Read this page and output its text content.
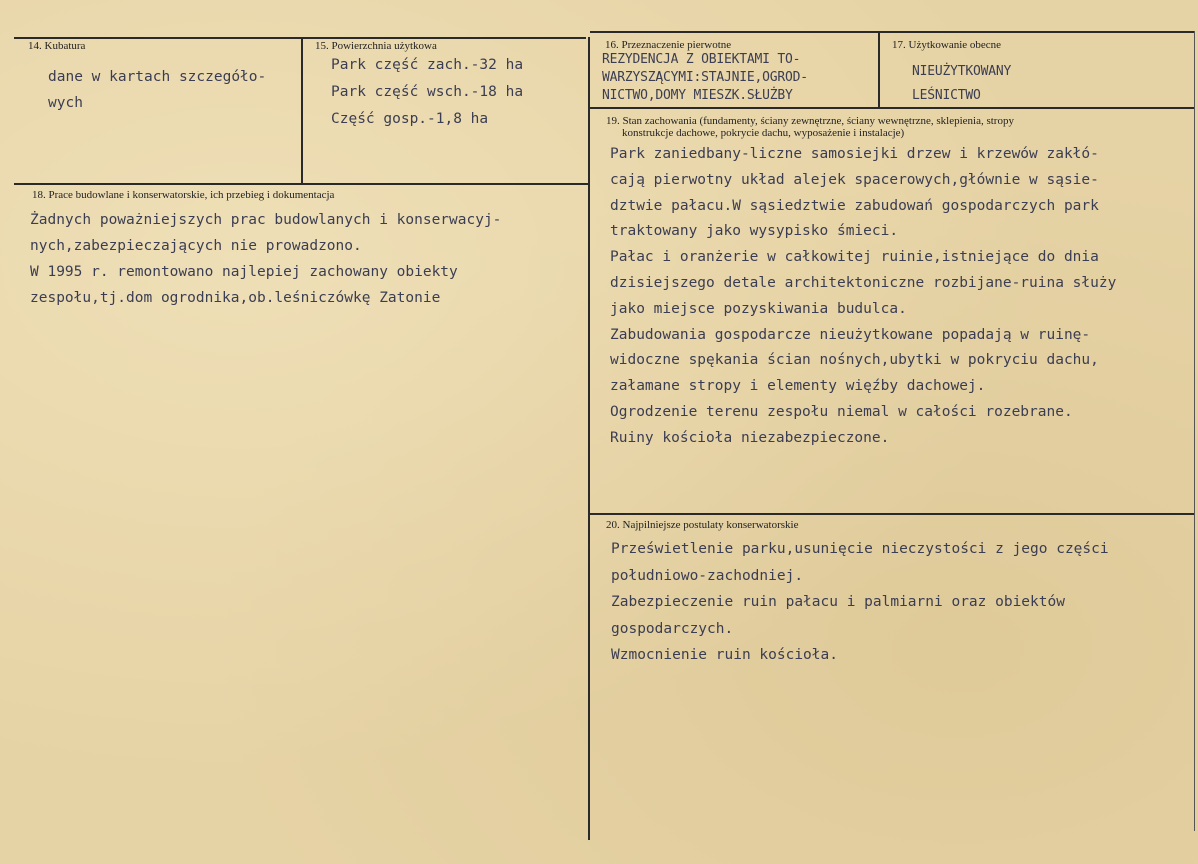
14. Kubatura
dane w kartach szczegóło-
wych
15. Powierzchnia użytkowa
Park część zach.-32 ha
Park część wsch.-18 ha
Część gosp.-1,8 ha
16. Przeznaczenie pierwotne
REZYDENCJA Z OBIEKTAMI TO-
WARZYSZĄCYMI:STAJNIE,OGROD-
NICTWO,DOMY MIESZK.SŁUŻBY
17. Użytkowanie obecne
NIEUŻYTKOWANY
LEŚNICTWO
18. Prace budowlane i konserwatorskie, ich przebieg i dokumentacja
Żadnych poważniejszych prac budowlanych i konserwacyj-
nych,zabezpieczających nie prowadzono.
W 1995 r. remontowano najlepiej zachowany obiekty
zespołu,tj.dom ogrodnika,ob.leśniczówkę Zatonie
19. Stan zachowania (fundamenty, ściany zewnętrzne, ściany wewnętrzne, sklepienia, stropy
konstrukcje dachowe, pokrycie dachu, wyposażenie i instalacje)
Park zaniedbany-liczne samosiejki drzew i krzewów zakłó-
cają pierwotny układ alejek spacerowych,głównie w sąsie-
dztwie pałacu.W sąsiedztwie zabudowań gospodarczych park
traktowany jako wysypisko śmieci.
Pałac i oranżerie w całkowitej ruinie,istniejące do dnia
dzisiejszego detale architektoniczne rozbijane-ruina służy
jako miejsce pozyskiwania budulca.
Zabudowania gospodarcze nieużytkowane popadają w ruinę-
widoczne spękania ścian nośnych,ubytki w pokryciu dachu,
załamane stropy i elementy więźby dachowej.
Ogrodzenie terenu zespołu niemal w całości rozebrane.
Ruiny kościoła niezabezpieczone.
20. Najpilniejsze postulaty konserwatorskie
Prześwietlenie parku,usunięcie nieczystości z jego części
południowo-zachodniej.
Zabezpieczenie ruin pałacu i palmiarni oraz obiektów
gospodarczych.
Wzmocnienie ruin kościoła.
